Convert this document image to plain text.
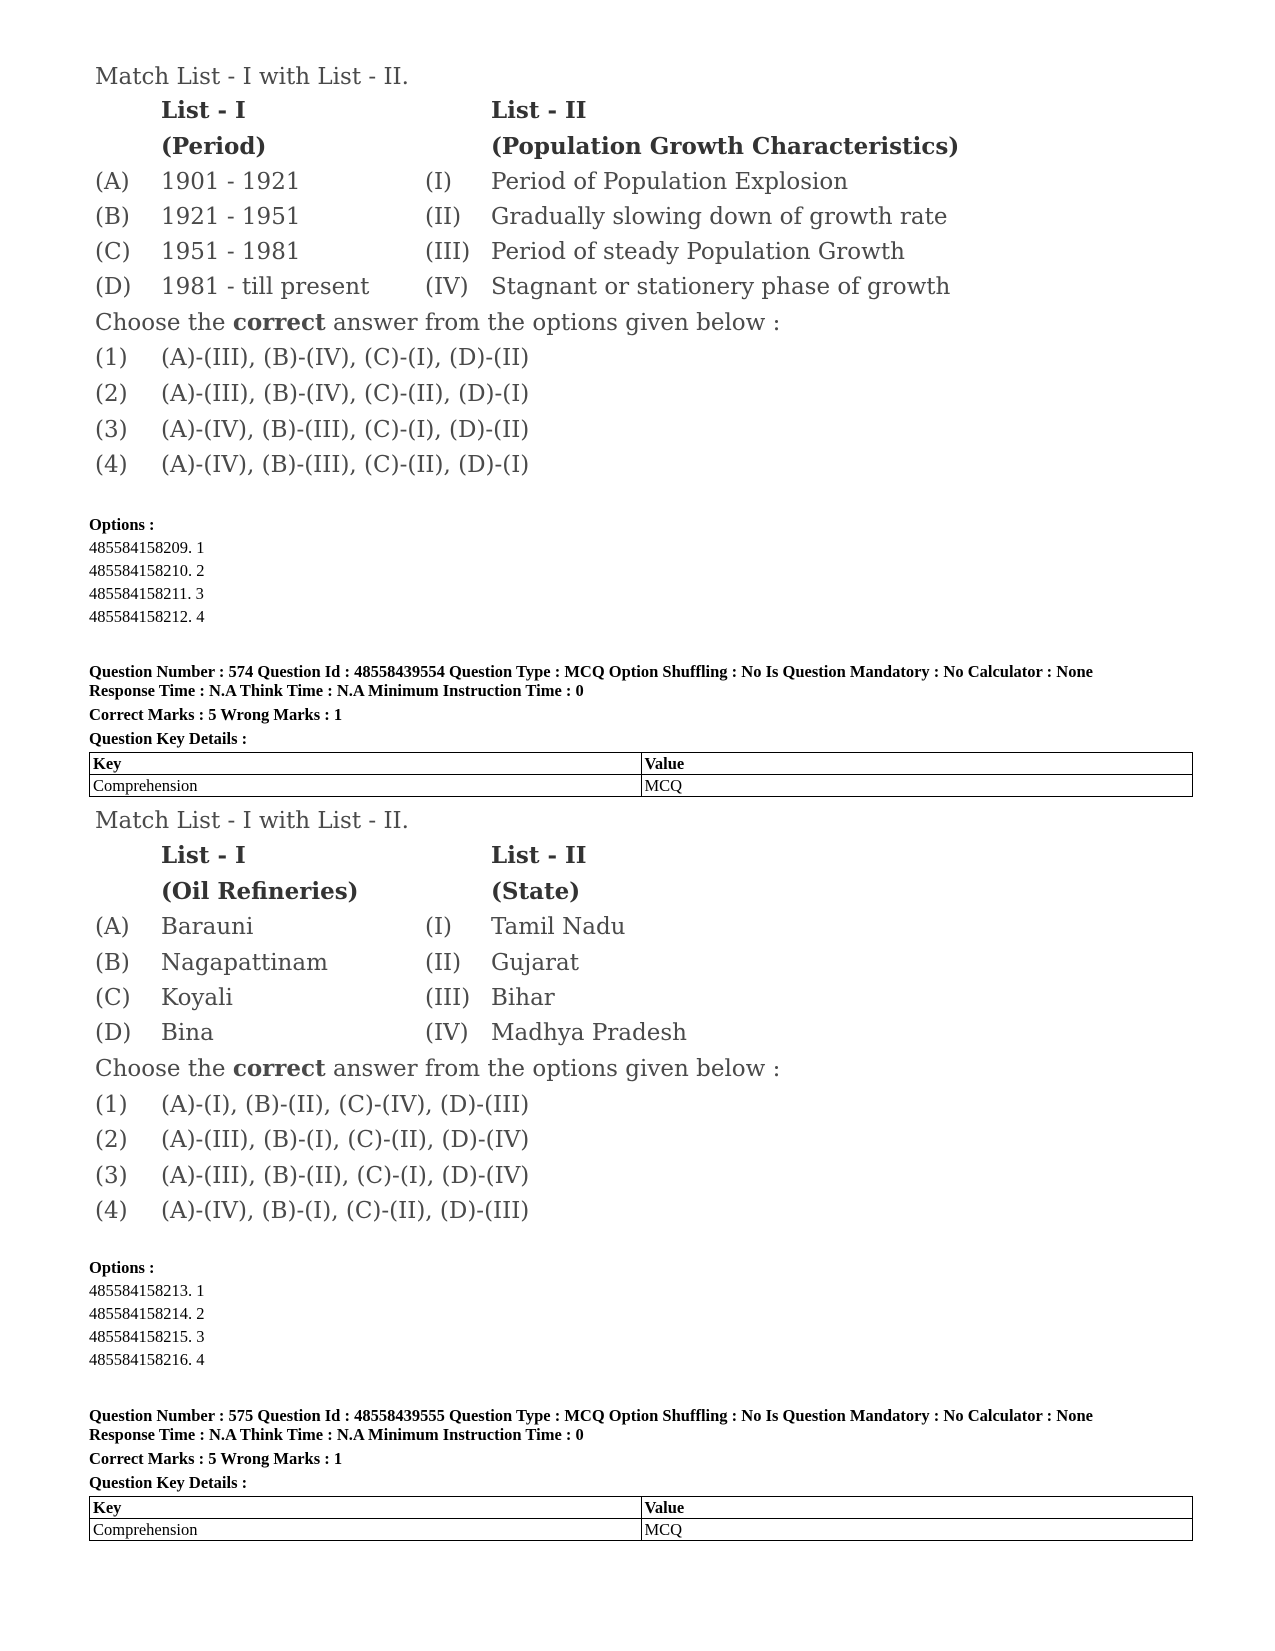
Match List - I with List - II.
List - I	List - II
(Period)	(Population Growth Characteristics)
(A) 1901 - 1921	(I) Period of Population Explosion
(B) 1921 - 1951	(II) Gradually slowing down of growth rate
(C) 1951 - 1981	(III) Period of steady Population Growth
(D) 1981 - till present (IV) Stagnant or stationery phase of growth
Choose the correct answer from the options given below :
(1) (A)-(III), (B)-(IV), (C)-(I), (D)-(II)
(2) (A)-(III), (B)-(IV), (C)-(II), (D)-(I)
(3) (A)-(IV), (B)-(III), (C)-(I), (D)-(II)
(4) (A)-(IV), (B)-(III), (C)-(II), (D)-(I)
Options :
485584158209. 1
485584158210. 2
485584158211. 3
485584158212. 4
Question Number : 574 Question Id : 48558439554 Question Type : MCQ Option Shuffling : No Is Question Mandatory : No Calculator : None
Response Time : N.A Think Time : N.A Minimum Instruction Time : 0
Correct Marks : 5 Wrong Marks : 1
Question Key Details :
Key	Value
Comprehension	MCQ
Match List - I with List - II.
List - I	List - II
(Oil Refineries)	(State)
(A) Barauni	(I) Tamil Nadu
(B) Nagapattinam	(II) Gujarat
(C) Koyali	(III) Bihar
(D) Bina	(IV) Madhya Pradesh
Choose the correct answer from the options given below :
(1) (A)-(I), (B)-(II), (C)-(IV), (D)-(III)
(2) (A)-(III), (B)-(I), (C)-(II), (D)-(IV)
(3) (A)-(III), (B)-(II), (C)-(I), (D)-(IV)
(4) (A)-(IV), (B)-(I), (C)-(II), (D)-(III)
Options :
485584158213. 1
485584158214. 2
485584158215. 3
485584158216. 4
Question Number : 575 Question Id : 48558439555 Question Type : MCQ Option Shuffling : No Is Question Mandatory : No Calculator : None
Response Time : N.A Think Time : N.A Minimum Instruction Time : 0
Correct Marks : 5 Wrong Marks : 1
Question Key Details :
Key	Value
Comprehension	MCQ
